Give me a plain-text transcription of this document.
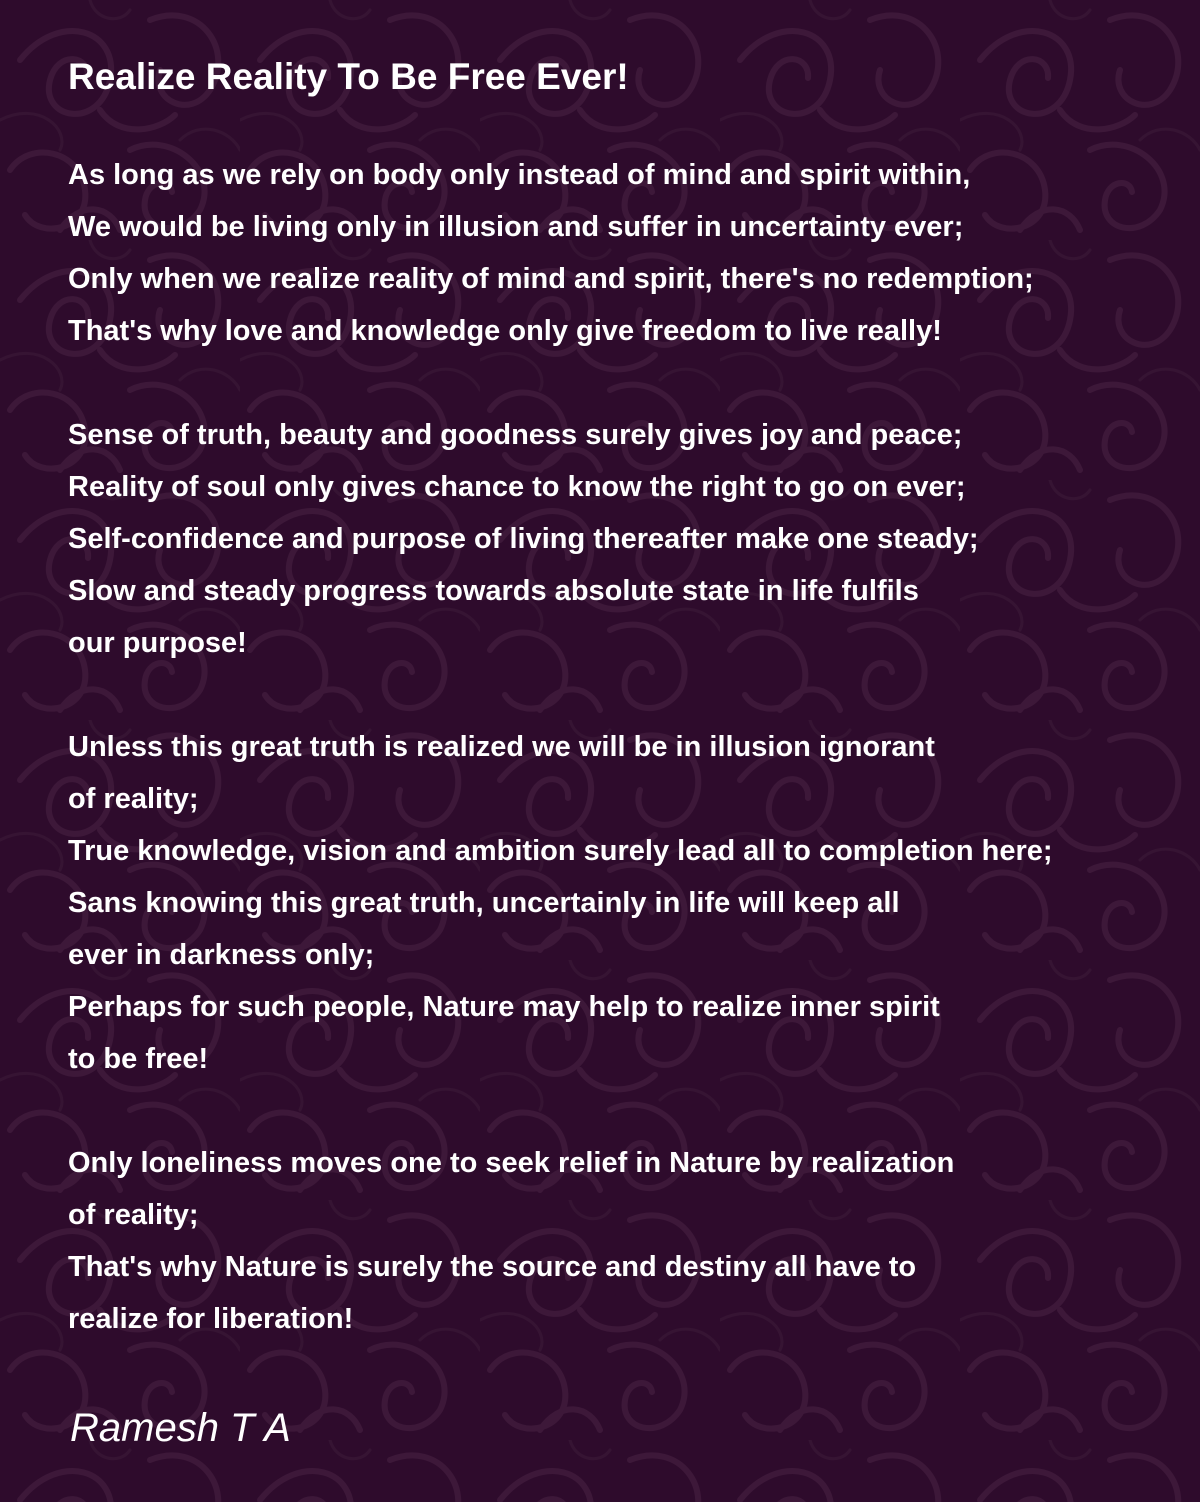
Realize Reality To Be Free Ever!
As long as we rely on body only instead of mind and spirit within,
We would be living only in illusion and suffer in uncertainty ever;
Only when we realize reality of mind and spirit, there's no redemption;
That's why love and knowledge only give freedom to live really!
Sense of truth, beauty and goodness surely gives joy and peace;
Reality of soul only gives chance to know the right to go on ever;
Self-confidence and purpose of living thereafter make one steady;
Slow and steady progress towards absolute state in life fulfils
our purpose!
Unless this great truth is realized we will be in illusion ignorant
of reality;
True knowledge, vision and ambition surely lead all to completion here;
Sans knowing this great truth, uncertainly in life will keep all
ever in darkness only;
Perhaps for such people, Nature may help to realize inner spirit
to be free!
Only loneliness moves one to seek relief in Nature by realization
of reality;
That's why Nature is surely the source and destiny all have to
realize for liberation!
Ramesh T A
